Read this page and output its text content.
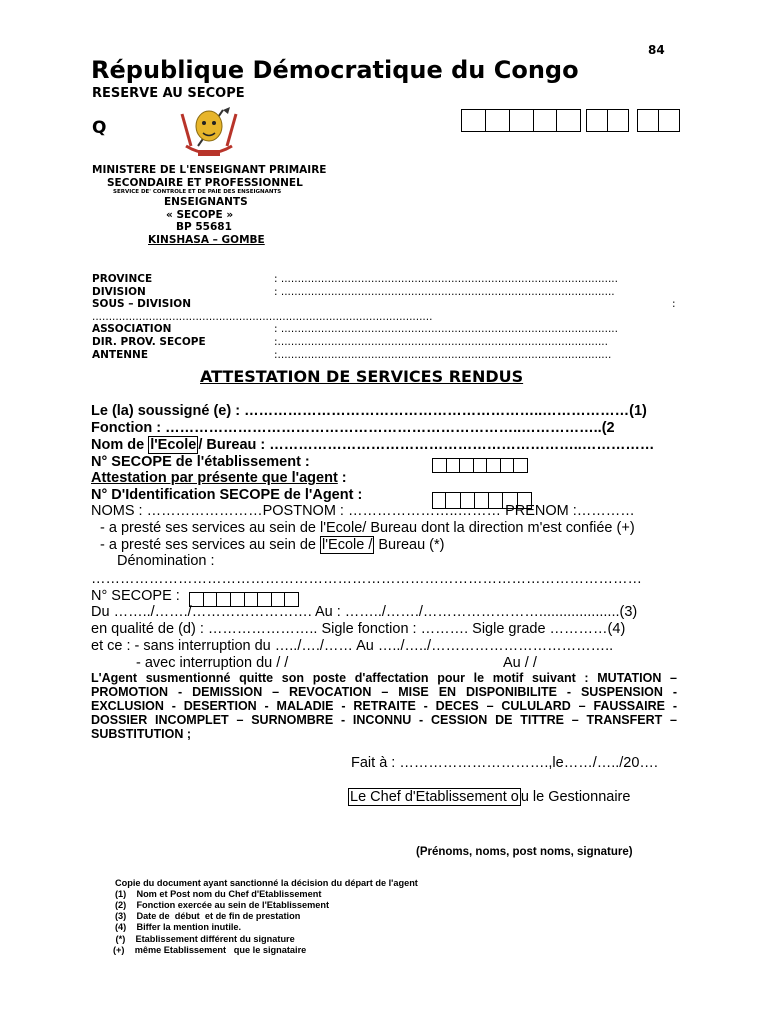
84
République Démocratique du Congo
RESERVE AU SECOPE
Q
MINISTERE DE L'ENSEIGNANT PRIMAIRE
SECONDAIRE ET PROFESSIONNEL
SERVICE DE' CONTROLE ET DE PAIE DES ENSEIGNANTS
ENSEIGNANTS
« SECOPE »
BP 55681
KINSHASA – GOMBE
PROVINCE	: .....................................................................................................
DIVISION	: ....................................................................................................
SOUS – DIVISION	:
......................................................................................................
ASSOCIATION	: .....................................................................................................
DIR. PROV. SECOPE	:...................................................................................................
ANTENNE	:....................................................................................................
ATTESTATION DE SERVICES RENDUS
Le (la) soussigné (e) : ……………………………………………………..………………(1)
Fonction : ………………………………………………………………..……………..(2
Nom de l'Ecole / Bureau : ………………………………………………………..……………
N° SECOPE de l'établissement :
Attestation par présente que l'agent :
N° D'Identification SECOPE de l'Agent :
NOMS : ……………………POSTNOM : …………………..……… PRENOM :…………
- a presté ses services au sein de l'Ecole/ Bureau dont la direction m'est confiée (+)
- a presté ses services au sein de l'Ecole / Bureau (*)
Dénomination :
……………………………………………………………………………………………………
N° SECOPE :
Du ……../……./……………………. Au : ……../……./……………………....................(3)
en qualité de (d) : ………………….. Sigle fonction : ………. Sigle grade …………(4)
et ce : - sans interruption du …../…./…… Au …../…../………………………………..
- avec interruption du / /	Au / /
L'Agent susmentionné quitte son poste d'affectation pour le motif suivant : MUTATION – PROMOTION - DEMISSION – REVOCATION – MISE EN DISPONIBILITE - SUSPENSION - EXCLUSION - DESERTION - MALADIE - RETRAITE - DECES – CULULARD – FAUSSAIRE - DOSSIER INCOMPLET – SURNOMBRE - INCONNU - CESSION DE TITTRE – TRANSFERT – SUBSTITUTION ;
Fait à : ………………………….,le……/…../20….
Le Chef d'Etablissement o u le Gestionnaire
(Prénoms, noms, post noms, signature)
Copie du document ayant sanctionné la décision du départ de l'agent
(1)    Nom et Post nom du Chef d'Etablissement
(2)    Fonction exercée au sein de l'Etablissement
(3)    Date de  début  et de fin de prestation
(4)    Biffer la mention inutile.
(*)    Etablissement différent du signature
(+)    même Etablissement   que le signataire
